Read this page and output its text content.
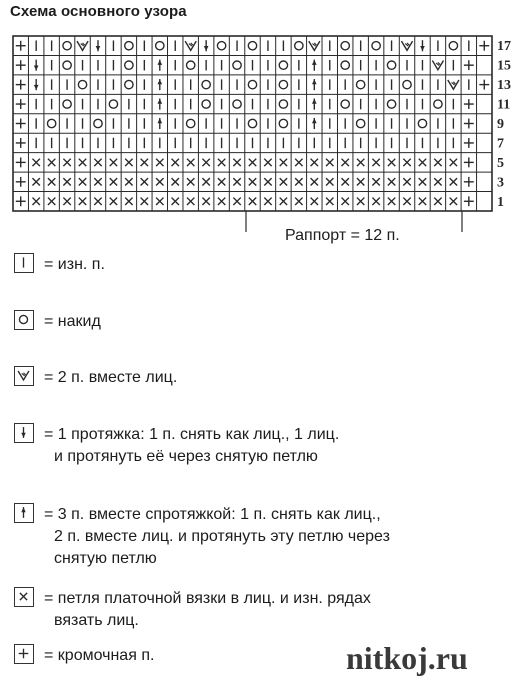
Схема основного узора
17
15
13
11
9
7
5
3
1
Раппорт = 12 п.
= изн. п.
= накид
= 2 п. вместе лиц.
= 1 протяжка: 1 п. снять как лиц., 1 лиц.
и протянуть её через снятую петлю
= 3 п. вместе спротяжкой: 1 п. снять как лиц.,
2 п. вместе лиц. и протянуть эту петлю через
снятую петлю
= петля платочной вязки в лиц. и изн. рядах
вязать лиц.
= кромочная п.	nitkoj.ru
